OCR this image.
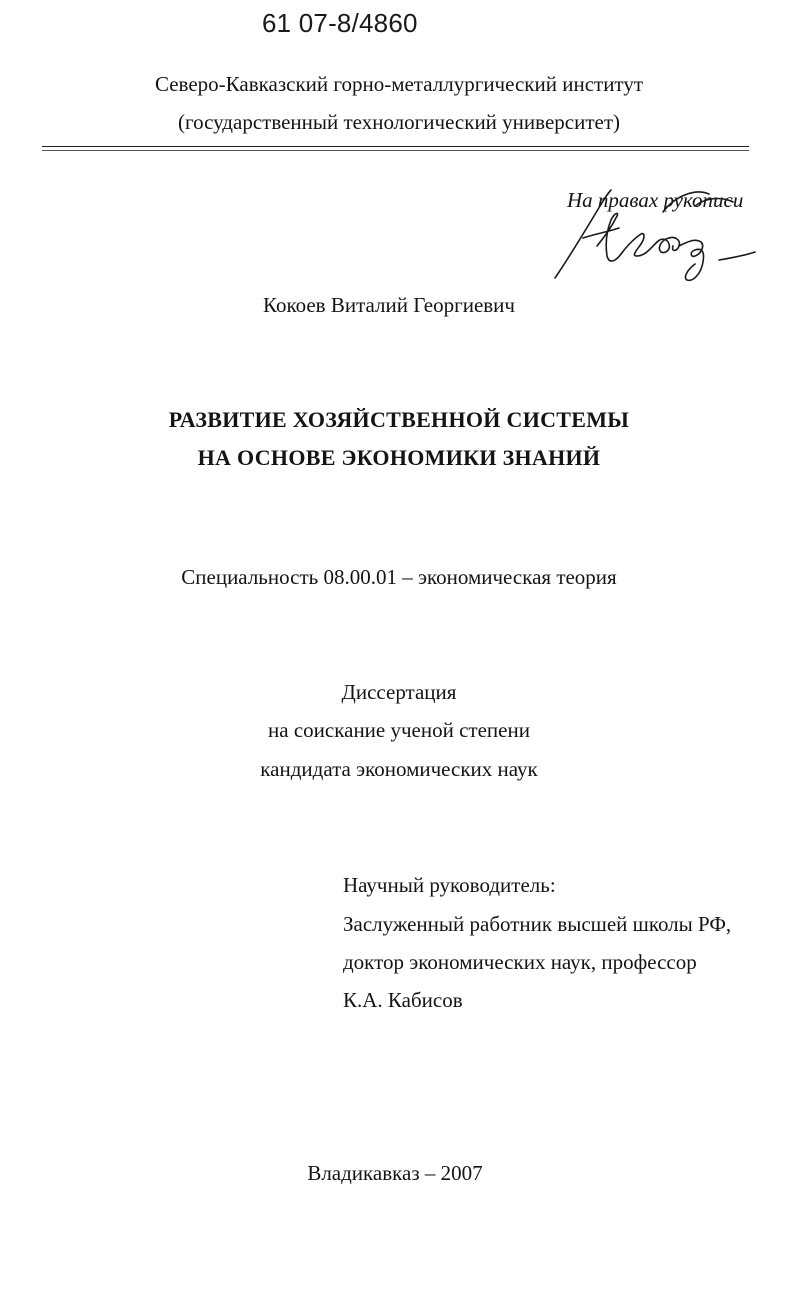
61 07-8/4860
Северо-Кавказский горно-металлургический институт
(государственный технологический университет)
На правах рукописи
Кокоев Виталий Георгиевич
РАЗВИТИЕ ХОЗЯЙСТВЕННОЙ СИСТЕМЫ
НА ОСНОВЕ ЭКОНОМИКИ ЗНАНИЙ
Специальность 08.00.01 – экономическая теория
Диссертация
на соискание ученой степени
кандидата экономических наук
Научный руководитель:
Заслуженный работник высшей школы РФ,
доктор экономических наук, профессор
К.А. Кабисов
Владикавказ – 2007
